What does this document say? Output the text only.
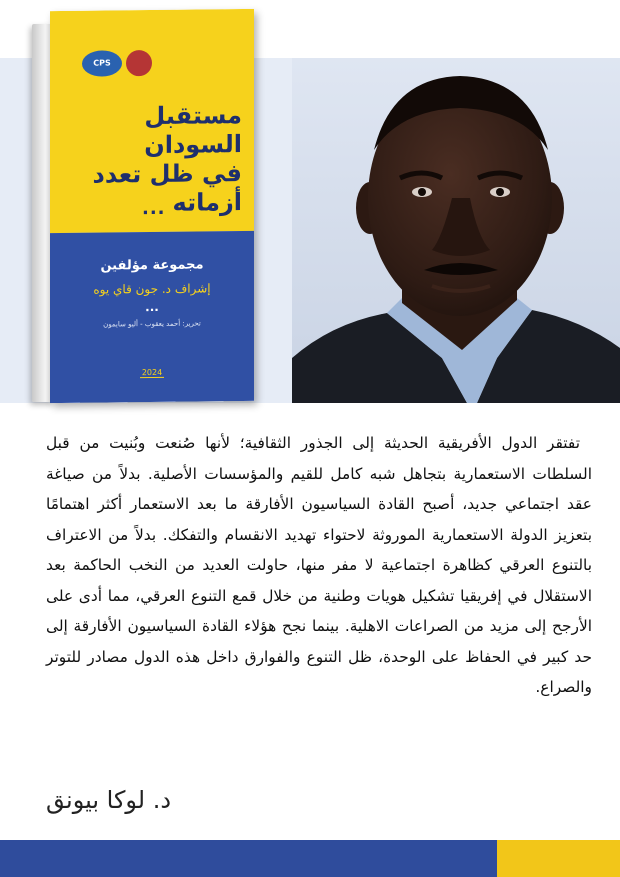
CPS
مستقبل السودان
في ظل تعدد
أزماته
...
مجموعة مؤلفين
إشراف د. جون قاي يوه
...
تحرير: أحمد يعقوب - أليو سايمون
2024
تفتقر الدول الأفريقية الحديثة إلى الجذور الثقافية؛ لأنها صُنعت وبُنيت من قبل السلطات الاستعمارية بتجاهل شبه كامل للقيم والمؤسسات الأصلية. بدلاً من صياغة عقد اجتماعي جديد، أصبح القادة السياسيون الأفارقة ما بعد الاستعمار أكثر اهتمامًا بتعزيز الدولة الاستعمارية الموروثة لاحتواء تهديد الانقسام والتفكك. بدلاً من الاعتراف بالتنوع العرقي كظاهرة اجتماعية لا مفر منها، حاولت العديد من النخب الحاكمة بعد الاستقلال في إفريقيا تشكيل هويات وطنية من خلال قمع التنوع العرقي، مما أدى على الأرجح إلى مزيد من الصراعات الاهلية. بينما نجح هؤلاء القادة السياسيون الأفارقة إلى حد كبير في الحفاظ على الوحدة، ظل التنوع والفوارق داخل هذه الدول مصادر للتوتر والصراع.
د. لوكا بيونق
